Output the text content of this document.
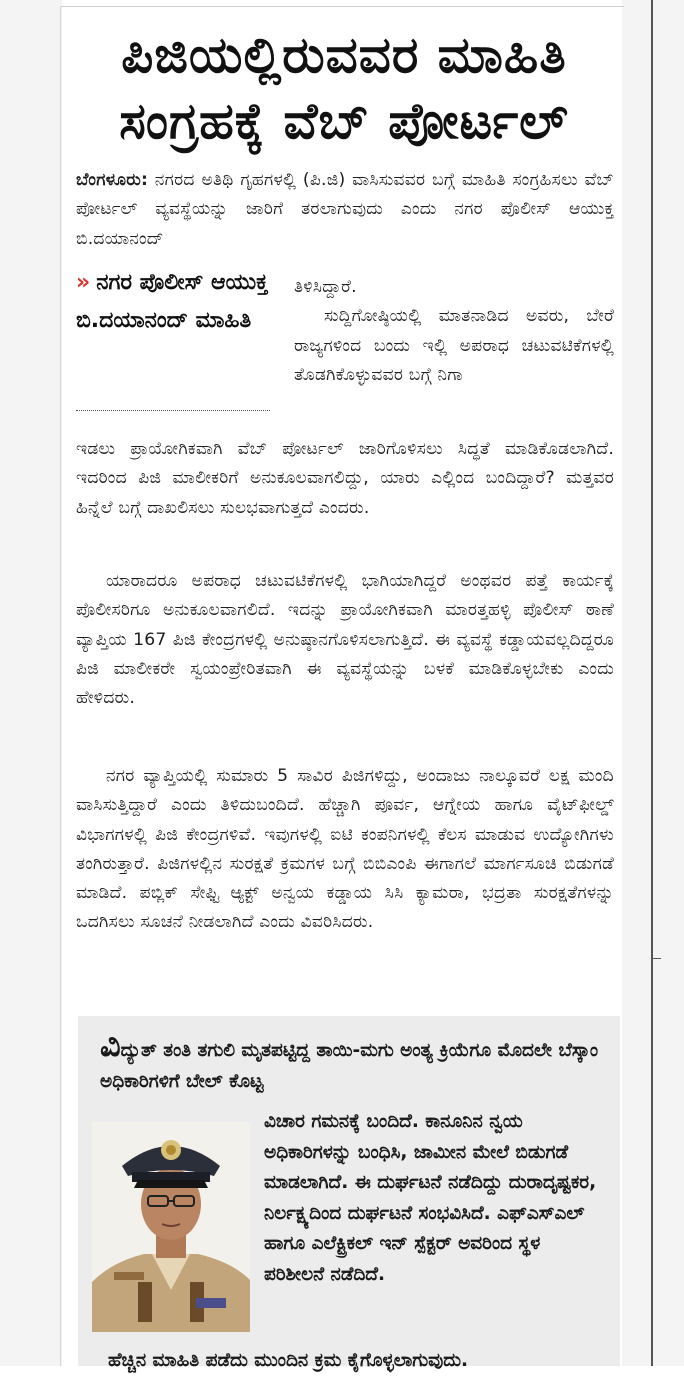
ಪಿಜಿಯಲ್ಲಿರುವವರ ಮಾಹಿತಿ
ಸಂಗ್ರಹಕ್ಕೆ ವೆಬ್ ಪೋರ್ಟಲ್
ಬೆಂಗಳೂರು: ನಗರದ ಅತಿಥಿ ಗೃಹಗಳಲ್ಲಿ (ಪಿ.ಜಿ) ವಾಸಿಸುವವರ ಬಗ್ಗೆ ಮಾಹಿತಿ ಸಂಗ್ರಹಿಸಲು ವೆಬ್ ಪೋರ್ಟಲ್ ವ್ಯವಸ್ಥೆಯನ್ನು ಜಾರಿಗೆ ತರಲಾಗುವುದು ಎಂದು ನಗರ ಪೊಲೀಸ್ ಆಯುಕ್ತ ಬಿ.ದಯಾನಂದ್
» ನಗರ ಪೊಲೀಸ್ ಆಯುಕ್ತ ಬಿ.ದಯಾನಂದ್ ಮಾಹಿತಿ
ತಿಳಿಸಿದ್ದಾರೆ.
ಸುದ್ದಿಗೋಷ್ಠಿಯಲ್ಲಿ ಮಾತನಾಡಿದ ಅವರು, ಬೇರೆ ರಾಜ್ಯಗಳಿಂದ ಬಂದು ಇಲ್ಲಿ ಅಪರಾಧ ಚಟುವಟಿಕೆಗಳಲ್ಲಿ ತೊಡಗಿಕೊಳ್ಳುವವರ ಬಗ್ಗೆ ನಿಗಾ
ಇಡಲು ಪ್ರಾಯೋಗಿಕವಾಗಿ ವೆಬ್ ಪೋರ್ಟಲ್ ಜಾರಿಗೊಳಿಸಲು ಸಿದ್ಧತೆ ಮಾಡಿಕೊಡಲಾಗಿದೆ. ಇದರಿಂದ ಪಿಜಿ ಮಾಲೀಕರಿಗೆ ಅನುಕೂಲವಾಗಲಿದ್ದು, ಯಾರು ಎಲ್ಲಿಂದ ಬಂದಿದ್ದಾರೆ? ಮತ್ತವರ ಹಿನ್ನೆಲೆ ಬಗ್ಗೆ ದಾಖಲಿಸಲು ಸುಲಭವಾಗುತ್ತದೆ ಎಂದರು.
ಯಾರಾದರೂ ಅಪರಾಧ ಚಟುವಟಿಕೆಗಳಲ್ಲಿ ಭಾಗಿಯಾಗಿದ್ದರೆ ಅಂಥವರ ಪತ್ತೆ ಕಾರ್ಯಕ್ಕೆ ಪೊಲೀಸರಿಗೂ ಅನುಕೂಲವಾಗಲಿದೆ. ಇದನ್ನು ಪ್ರಾಯೋಗಿಕವಾಗಿ ಮಾರತ್ತಹಳ್ಳಿ ಪೊಲೀಸ್ ಠಾಣೆ ವ್ಯಾಪ್ತಿಯ 167 ಪಿಜಿ ಕೇಂದ್ರಗಳಲ್ಲಿ ಅನುಷ್ಠಾನಗೊಳಿಸಲಾಗುತ್ತಿದೆ. ಈ ವ್ಯವಸ್ಥೆ ಕಡ್ಡಾಯವಲ್ಲದಿದ್ದರೂ ಪಿಜಿ ಮಾಲೀಕರೇ ಸ್ವಯಂಪ್ರೇರಿತವಾಗಿ ಈ ವ್ಯವಸ್ಥೆಯನ್ನು ಬಳಕೆ ಮಾಡಿಕೊಳ್ಳಬೇಕು ಎಂದು ಹೇಳಿದರು.
ನಗರ ವ್ಯಾಪ್ತಿಯಲ್ಲಿ ಸುಮಾರು 5 ಸಾವಿರ ಪಿಜಿಗಳಿದ್ದು, ಅಂದಾಜು ನಾಲ್ಕೂವರೆ ಲಕ್ಷ ಮಂದಿ ವಾಸಿಸುತ್ತಿದ್ದಾರೆ ಎಂದು ತಿಳಿದುಬಂದಿದೆ. ಹೆಚ್ಚಾಗಿ ಪೂರ್ವ, ಆಗ್ನೇಯ ಹಾಗೂ ವೈಟ್‌ಫೀಲ್ಡ್ ವಿಭಾಗಗಳಲ್ಲಿ ಪಿಜಿ ಕೇಂದ್ರಗಳಿವೆ. ಇವುಗಳಲ್ಲಿ ಐಟಿ ಕಂಪನಿಗಳಲ್ಲಿ ಕೆಲಸ ಮಾಡುವ ಉದ್ಯೋಗಿಗಳು ತಂಗಿರುತ್ತಾರೆ. ಪಿಜಿಗಳಲ್ಲಿನ ಸುರಕ್ಷತೆ ಕ್ರಮಗಳ ಬಗ್ಗೆ ಬಿಬಿಎಂಪಿ ಈಗಾಗಲೆ ಮಾರ್ಗಸೂಚಿ ಬಿಡುಗಡೆ ಮಾಡಿದೆ. ಪಬ್ಲಿಕ್ ಸೇಫ್ಟಿ ಆ್ಯಕ್ಟ್ ಅನ್ವಯ ಕಡ್ಡಾಯ ಸಿಸಿ ಕ್ಯಾಮರಾ, ಭದ್ರತಾ ಸುರಕ್ಷತೆಗಳನ್ನು ಒದಗಿಸಲು ಸೂಚನೆ ನೀಡಲಾಗಿದೆ ಎಂದು ವಿವರಿಸಿದರು.
ವಿದ್ಯುತ್ ತಂತಿ ತಗುಲಿ ಮೃತಪಟ್ಟಿದ್ದ ತಾಯಿ-ಮಗು ಅಂತ್ಯ ಕ್ರಿಯೆಗೂ ಮೊದಲೇ ಬೆಸ್ಕಾಂ ಅಧಿಕಾರಿಗಳಿಗೆ ಬೇಲ್ ಕೊಟ್ಟ
ವಿಚಾರ ಗಮನಕ್ಕೆ ಬಂದಿದೆ. ಕಾನೂನಿನ ನ್ವಯ ಅಧಿಕಾರಿಗಳನ್ನು ಬಂಧಿಸಿ, ಜಾಮೀನ ಮೇಲೆ ಬಿಡುಗಡೆ ಮಾಡಲಾಗಿದೆ. ಈ ದುರ್ಘಟನೆ ನಡೆದಿದ್ದು ದುರಾದೃಷ್ಟಕರ, ನಿರ್ಲಕ್ಷ್ಯದಿಂದ ದುರ್ಘಟನೆ ಸಂಭವಿಸಿದೆ. ಎಫ್‌ಎಸ್‌ಎಲ್ ಹಾಗೂ ಎಲೆಕ್ಟ್ರಿಕಲ್ ಇನ್ ಸ್ಪೆಕ್ಟರ್ ಅವರಿಂದ ಸ್ಥಳ ಪರಿಶೀಲನೆ ನಡೆದಿದೆ.
ಹೆಚ್ಚಿನ ಮಾಹಿತಿ ಪಡೆದು ಮುಂದಿನ ಕ್ರಮ ಕೈಗೊಳ್ಳಲಾಗುವುದು.
